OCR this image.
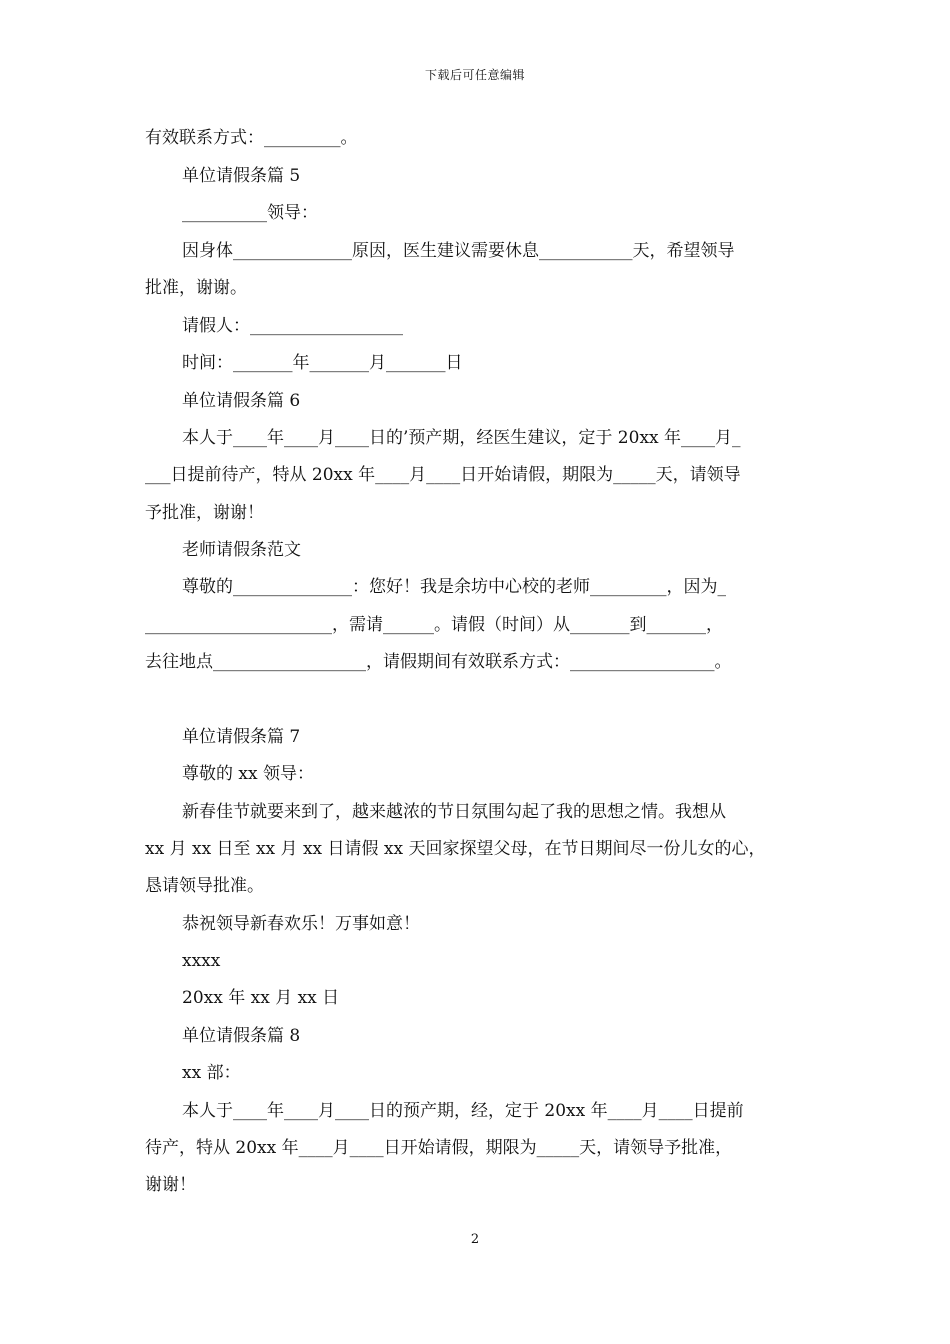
下载后可任意编辑
有效联系方式：_________。
单位请假条篇 5
__________领导：
因身体______________原因，医生建议需要休息___________天，希望领导
批准，谢谢。
请假人：__________________
时间：_______年_______月_______日
单位请假条篇 6
本人于____年____月____日的’预产期，经医生建议，定于 20xx 年____月_
___日提前待产，特从 20xx 年____月____日开始请假，期限为_____天，请领导
予批准，谢谢！
老师请假条范文
尊敬的______________：您好！我是余坊中心校的老师_________，因为_
______________________，需请______。请假（时间）从_______到_______，
去往地点__________________，请假期间有效联系方式：_________________。
单位请假条篇 7
尊敬的 xx 领导：
新春佳节就要来到了，越来越浓的节日氛围勾起了我的思想之情。我想从
xx 月 xx 日至 xx 月 xx 日请假 xx 天回家探望父母，在节日期间尽一份儿女的心，
恳请领导批准。
恭祝领导新春欢乐！万事如意！
xxxx
20xx 年 xx 月 xx 日
单位请假条篇 8
xx 部：
本人于____年____月____日的预产期，经，定于 20xx 年____月____日提前
待产，特从 20xx 年____月____日开始请假，期限为_____天，请领导予批准，
谢谢！
2
